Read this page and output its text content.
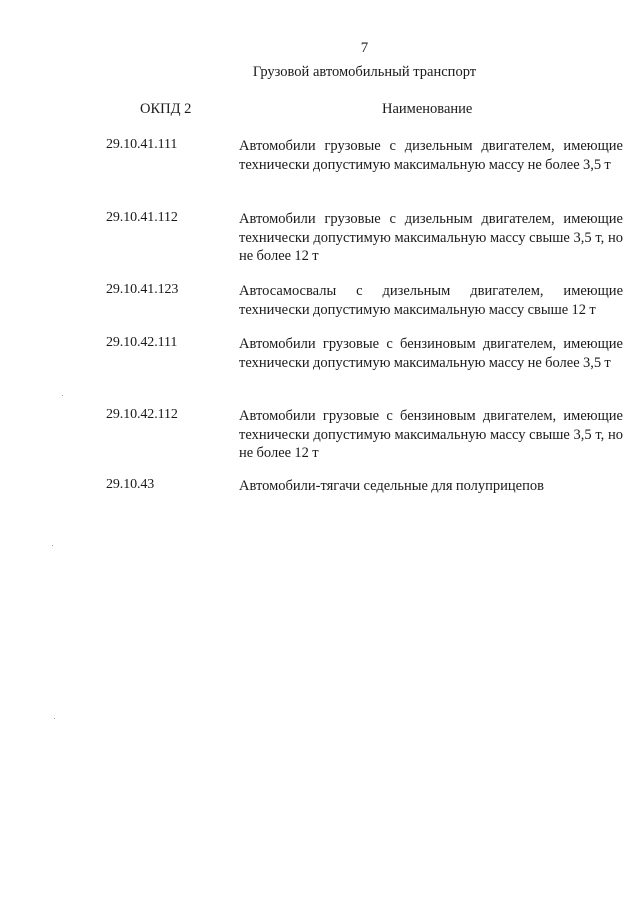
7
Грузовой автомобильный транспорт
ОКПД 2	Наименование
29.10.41.111	Автомобили грузовые с дизельным двигателем, имеющие технически допустимую максимальную массу не более 3,5 т
29.10.41.112	Автомобили грузовые с дизельным двигателем, имеющие технически допустимую максимальную массу свыше 3,5 т, но не более 12 т
29.10.41.123	Автосамосвалы с дизельным двигателем, имеющие технически допустимую максимальную массу свыше 12 т
29.10.42.111	Автомобили грузовые с бензиновым двигателем, имеющие технически допустимую максимальную массу не более 3,5 т
29.10.42.112	Автомобили грузовые с бензиновым двигателем, имеющие технически допустимую максимальную массу свыше 3,5 т, но не более 12 т
29.10.43	Автомобили-тягачи седельные для полуприцепов
